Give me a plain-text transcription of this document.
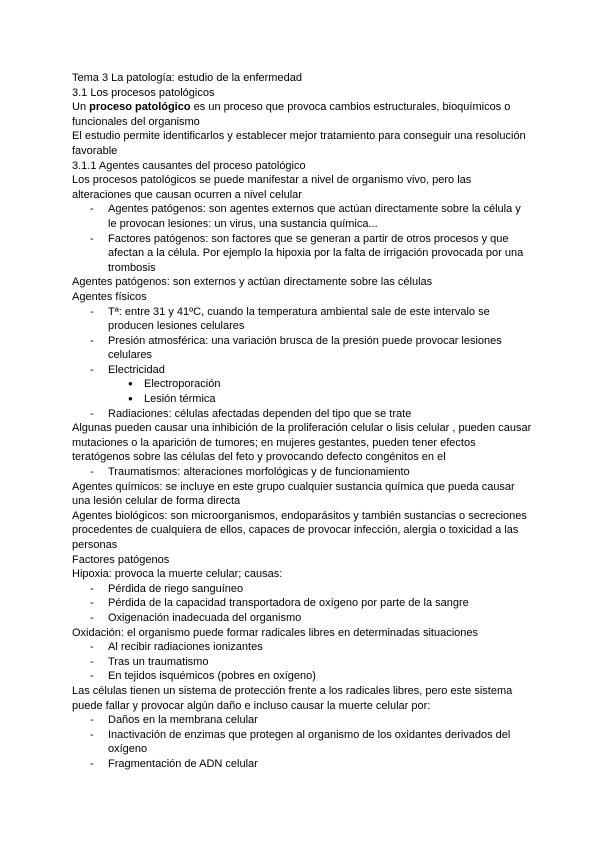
Tema 3 La patología: estudio de la enfermedad

3.1 Los procesos patológicos

Un proceso patológico es un proceso que provoca cambios estructurales, bioquímicos o funcionales del organismo

El estudio permite identificarlos y establecer mejor tratamiento para conseguir una resolución favorable

3.1.1 Agentes causantes del proceso patológico

Los procesos patológicos se puede manifestar a nivel de organismo vivo, pero las alteraciones que causan ocurren a nivel celular

- Agentes patógenos: son agentes externos que actúan directamente sobre la célula y le provocan lesiones: un virus, una sustancia química...
- Factores patógenos: son factores que se generan a partir de otros procesos y que afectan a la célula. Por ejemplo la hipoxia por la falta de irrigación provocada por una trombosis

Agentes patógenos: son externos y actúan directamente sobre las células

Agentes físicos

- Tª: entre 31 y 41ºC, cuando la temperatura ambiental sale de este intervalo se producen lesiones celulares
- Presión atmosférica: una variación brusca de la presión puede provocar lesiones celulares
- Electricidad
● Electroporación
● Lesión térmica
- Radiaciones: células afectadas dependen del tipo que se trate

Algunas pueden causar una inhibición de la proliferación celular o lisis celular , pueden causar mutaciones o la aparición de tumores; en mujeres gestantes, pueden tener efectos teratógenos sobre las células del feto y provocando defecto congénitos en el

- Traumatismos: alteraciones morfológicas y de funcionamiento

Agentes químicos: se incluye en este grupo cualquier sustancia química que pueda causar una lesión celular de forma directa

Agentes biológicos: son microorganismos, endoparásitos y también sustancias o secreciones procedentes de cualquiera de ellos, capaces de provocar infección, alergia o toxicidad a las personas

Factores patógenos

Hipoxia: provoca la muerte celular; causas:

- Pérdida de riego sanguíneo
- Pérdida de la capacidad transportadora de oxígeno por parte de la sangre
- Oxigenación inadecuada del organismo

Oxidación: el organismo puede formar radicales libres en determinadas situaciones

- Al recibir radiaciones ionizantes
- Tras un traumatismo
- En tejidos isquémicos (pobres en oxígeno)

Las células tienen un sistema de protección frente a los radicales libres, pero este sistema puede fallar y provocar algún daño e incluso causar la muerte celular por:

- Daños en la membrana celular
- Inactivación de enzimas que protegen al organismo de los oxidantes derivados del oxígeno
- Fragmentación de ADN celular
